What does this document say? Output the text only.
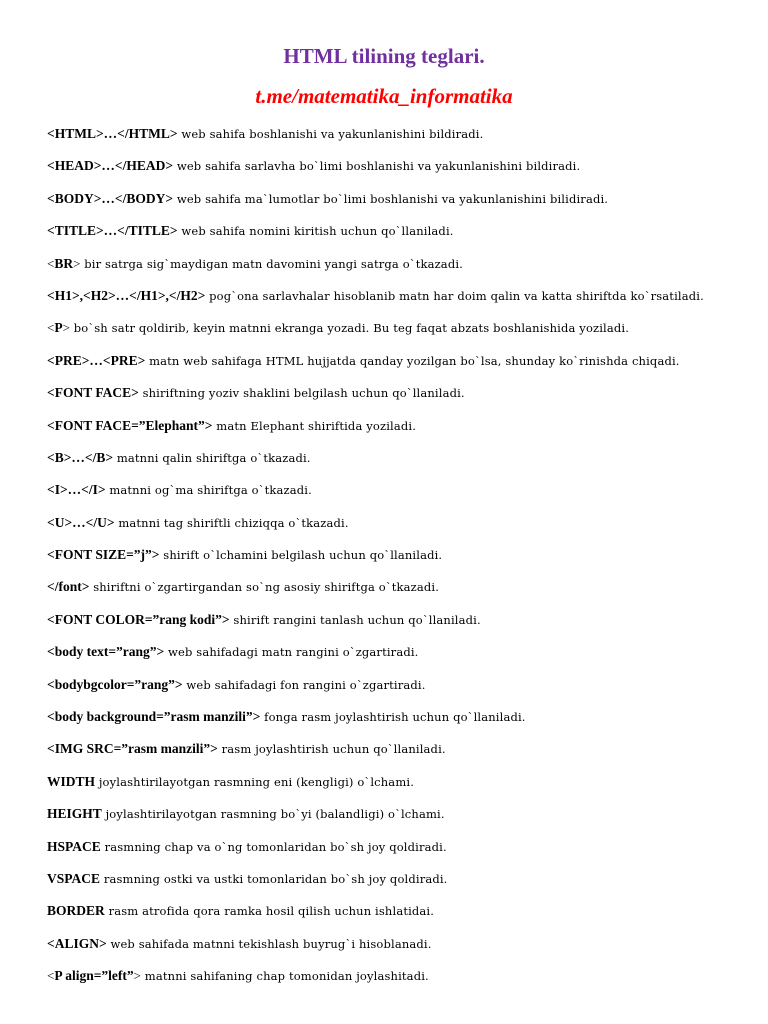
HTML tilining teglari.
t.me/matematika_informatika
<HTML>…</HTML> web sahifa boshlanishi va yakunlanishini bildiradi.
<HEAD>…</HEAD> web sahifa sarlavha bo`limi boshlanishi va yakunlanishini bildiradi.
<BODY>…</BODY> web sahifa ma`lumotlar bo`limi boshlanishi va yakunlanishini bilidiradi.
<TITLE>…</TITLE> web sahifa nomini kiritish uchun qo`llaniladi.
<BR> bir satrga sig`maydigan matn davomini yangi satrga o`tkazadi.
<H1>,<H2>…</H1>,</H2> pog`ona sarlavhalar hisoblanib matn har doim qalin va katta shiriftda ko`rsatiladi.
<P> bo`sh satr qoldirib, keyin matnni ekranga yozadi. Bu teg faqat abzats boshlanishida yoziladi.
<PRE>…<PRE> matn web sahifaga HTML hujjatda qanday yozilgan bo`lsa, shunday ko`rinishda chiqadi.
<FONT FACE> shiriftning yoziv shaklini belgilash uchun qo`llaniladi.
<FONT FACE=”Elephant”> matn Elephant shiriftida yoziladi.
<B>…</B> matnni qalin shiriftga o`tkazadi.
<I>…</I> matnni og`ma shiriftga o`tkazadi.
<U>…</U> matnni tag shiriftli chiziqqa o`tkazadi.
<FONT SIZE=”j”> shirift o`lchamini belgilash uchun qo`llaniladi.
</font> shiriftni o`zgartirgandan so`ng asosiy shiriftga o`tkazadi.
<FONT COLOR=”rang kodi”> shirift rangini tanlash uchun qo`llaniladi.
<body text=”rang”> web sahifadagi matn rangini o`zgartiradi.
<bodybgcolor=”rang”> web sahifadagi fon rangini o`zgartiradi.
<body background=”rasm manzili”> fonga rasm joylashtirish uchun qo`llaniladi.
<IMG SRC=”rasm manzili”> rasm joylashtirish uchun qo`llaniladi.
WIDTH joylashtirilayotgan rasmning eni (kengligi) o`lchami.
HEIGHT joylashtirilayotgan rasmning bo`yi (balandligi) o`lchami.
HSPACE rasmning chap va o`ng tomonlaridan bo`sh joy qoldiradi.
VSPACE rasmning ostki va ustki tomonlaridan bo`sh joy qoldiradi.
BORDER rasm atrofida qora ramka hosil qilish uchun ishlatidai.
<ALIGN> web sahifada matnni tekishlash buyrug`i hisoblanadi.
<P align=”left”> matnni sahifaning chap tomonidan joylashitadi.
